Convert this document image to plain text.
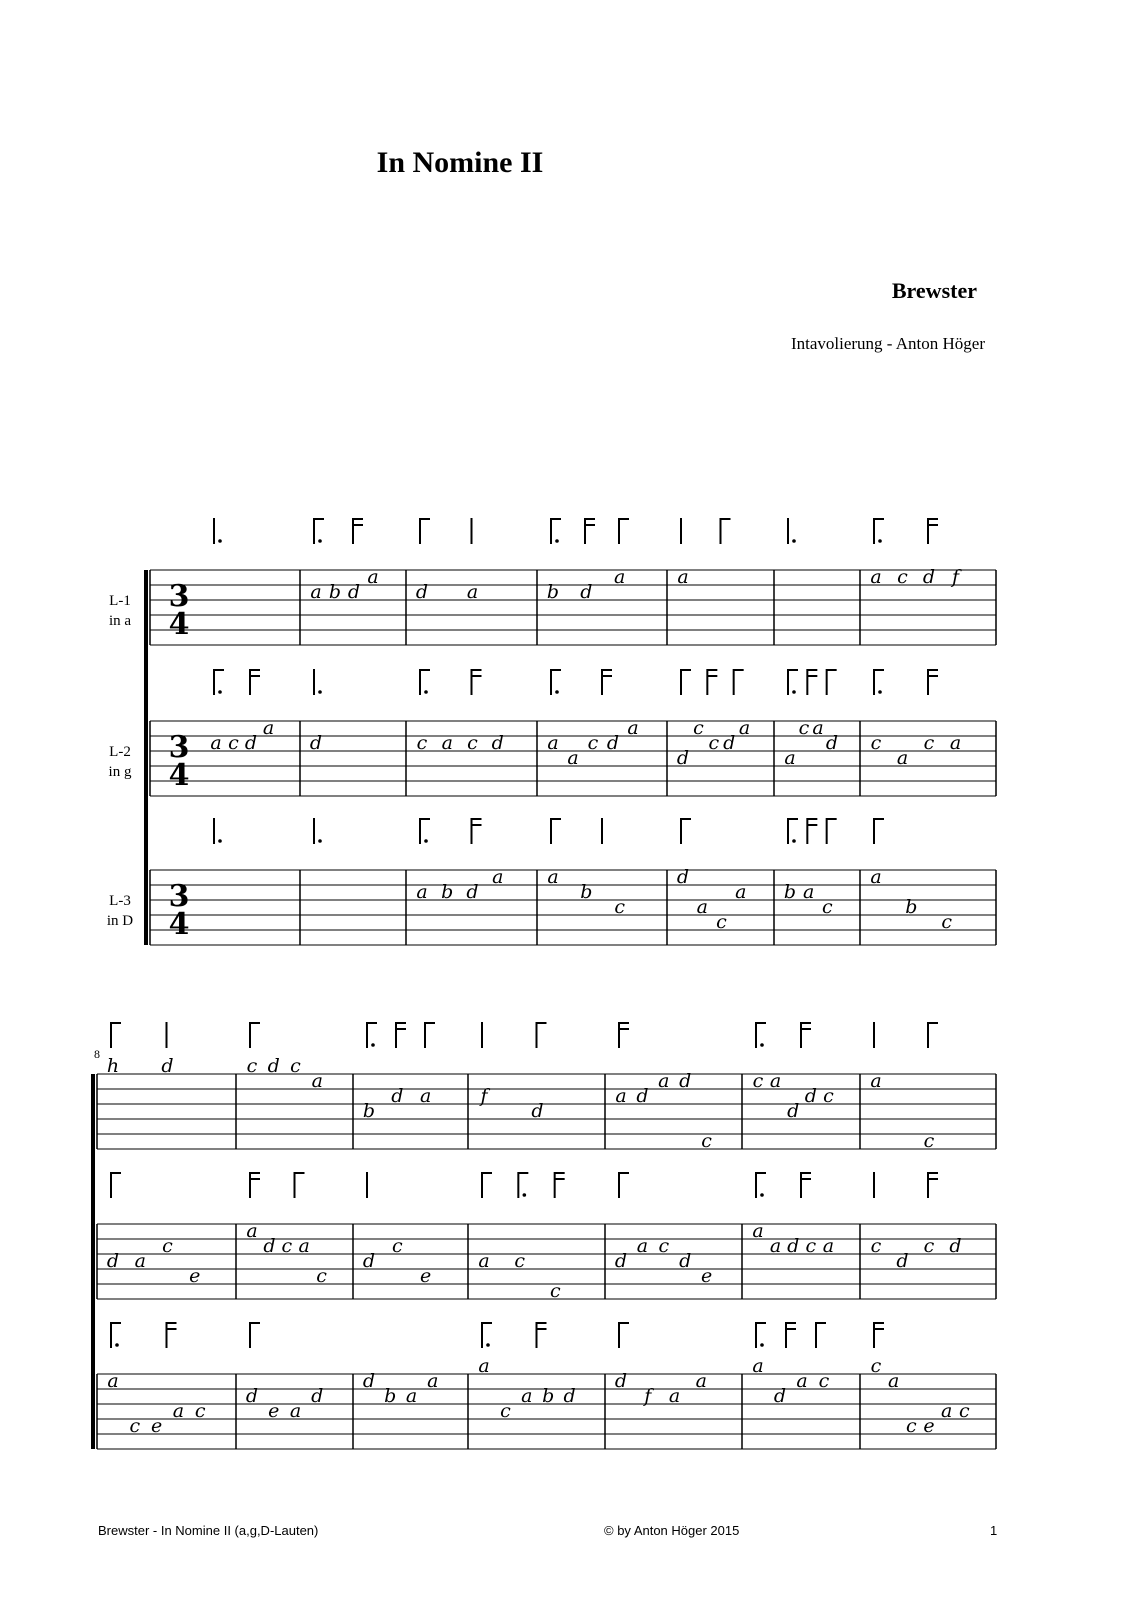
In Nomine II
Brewster
Intavolierung - Anton Höger
L-1
in a
3
4
a b d
a
d a	b d
a	a	a c d f
L-2
in g
3
4
a c d
a
d	c a c d a
a
c d
a
d
c
c d
a
a
c a
d c
a
c a
L-3
in D
3
4
a b d
a a
b
c
d
a
c
a b a
c
a
b
c
8
h d	c d c
a
b
d a	f
d
a d
a d
c
c a
d
d c
a
c
d a
c
e
a
d c a
c
d
c
e
a c
c
d
a c
d
e
a
a d c a c
d
c d
a
c e
a c
d
e a
d
d
b a
a
a
c
a b d
d
f a
a
a
d
a c
c
a
c e
a c
Brewster - In Nomine II (a,g,D-Lauten)	© by Anton Höger 2015	1
